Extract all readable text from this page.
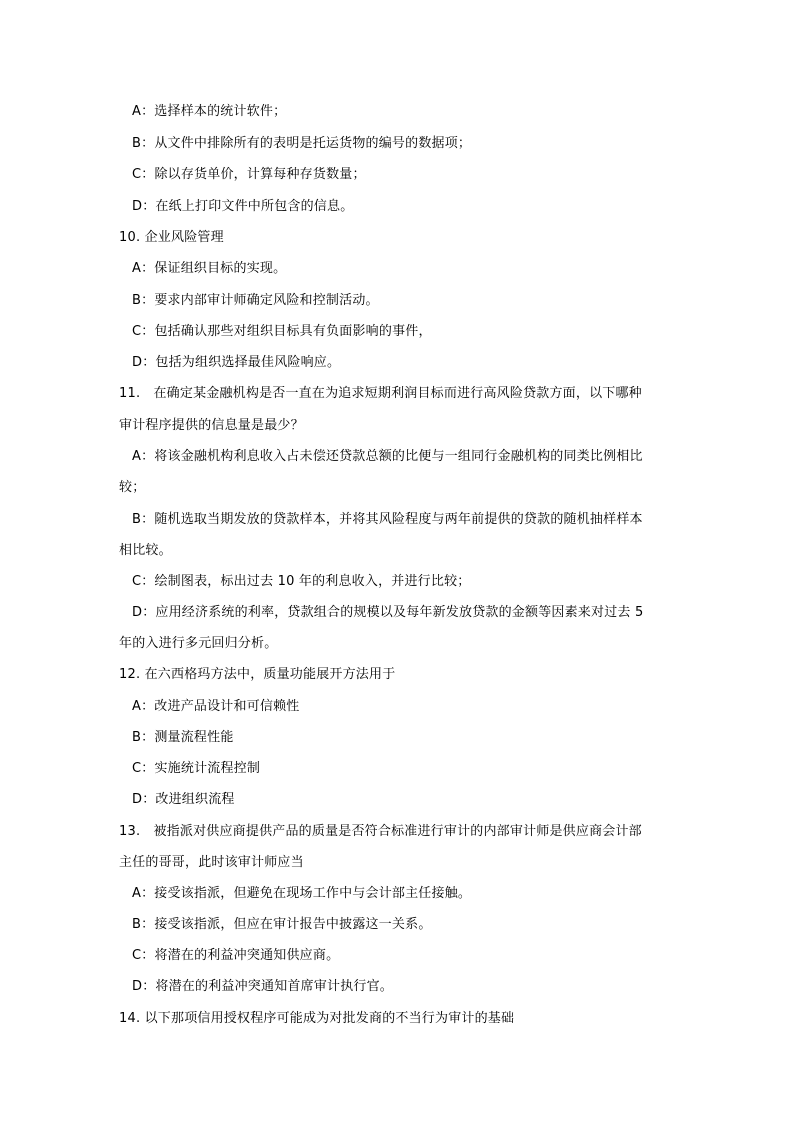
A：选择样本的统计软件；
B：从文件中排除所有的表明是托运货物的编号的数据项；
C：除以存货单价，计算每种存货数量；
D：在纸上打印文件中所包含的信息。
10. 企业风险管理
A：保证组织目标的实现。
B：要求内部审计师确定风险和控制活动。
C：包括确认那些对组织目标具有负面影响的事件，
D：包括为组织选择最佳风险响应。
11.　在确定某金融机构是否一直在为追求短期利润目标而进行高风险贷款方面，以下哪种
审计程序提供的信息量是最少？
A：将该金融机构利息收入占未偿还贷款总额的比便与一组同行金融机构的同类比例相比
较；
B：随机选取当期发放的贷款样本，并将其风险程度与两年前提供的贷款的随机抽样样本
相比较。
C：绘制图表，标出过去 10 年的利息收入，并进行比较；
D：应用经济系统的利率，贷款组合的规模以及每年新发放贷款的金额等因素来对过去 5
年的入进行多元回归分析。
12. 在六西格玛方法中，质量功能展开方法用于
A：改进产品设计和可信赖性
B：测量流程性能
C：实施统计流程控制
D：改进组织流程
13.　被指派对供应商提供产品的质量是否符合标准进行审计的内部审计师是供应商会计部
主任的哥哥，此时该审计师应当
A：接受该指派，但避免在现场工作中与会计部主任接触。
B：接受该指派，但应在审计报告中披露这一关系。
C：将潜在的利益冲突通知供应商。
D：将潜在的利益冲突通知首席审计执行官。
14. 以下那项信用授权程序可能成为对批发商的不当行为审计的基础
